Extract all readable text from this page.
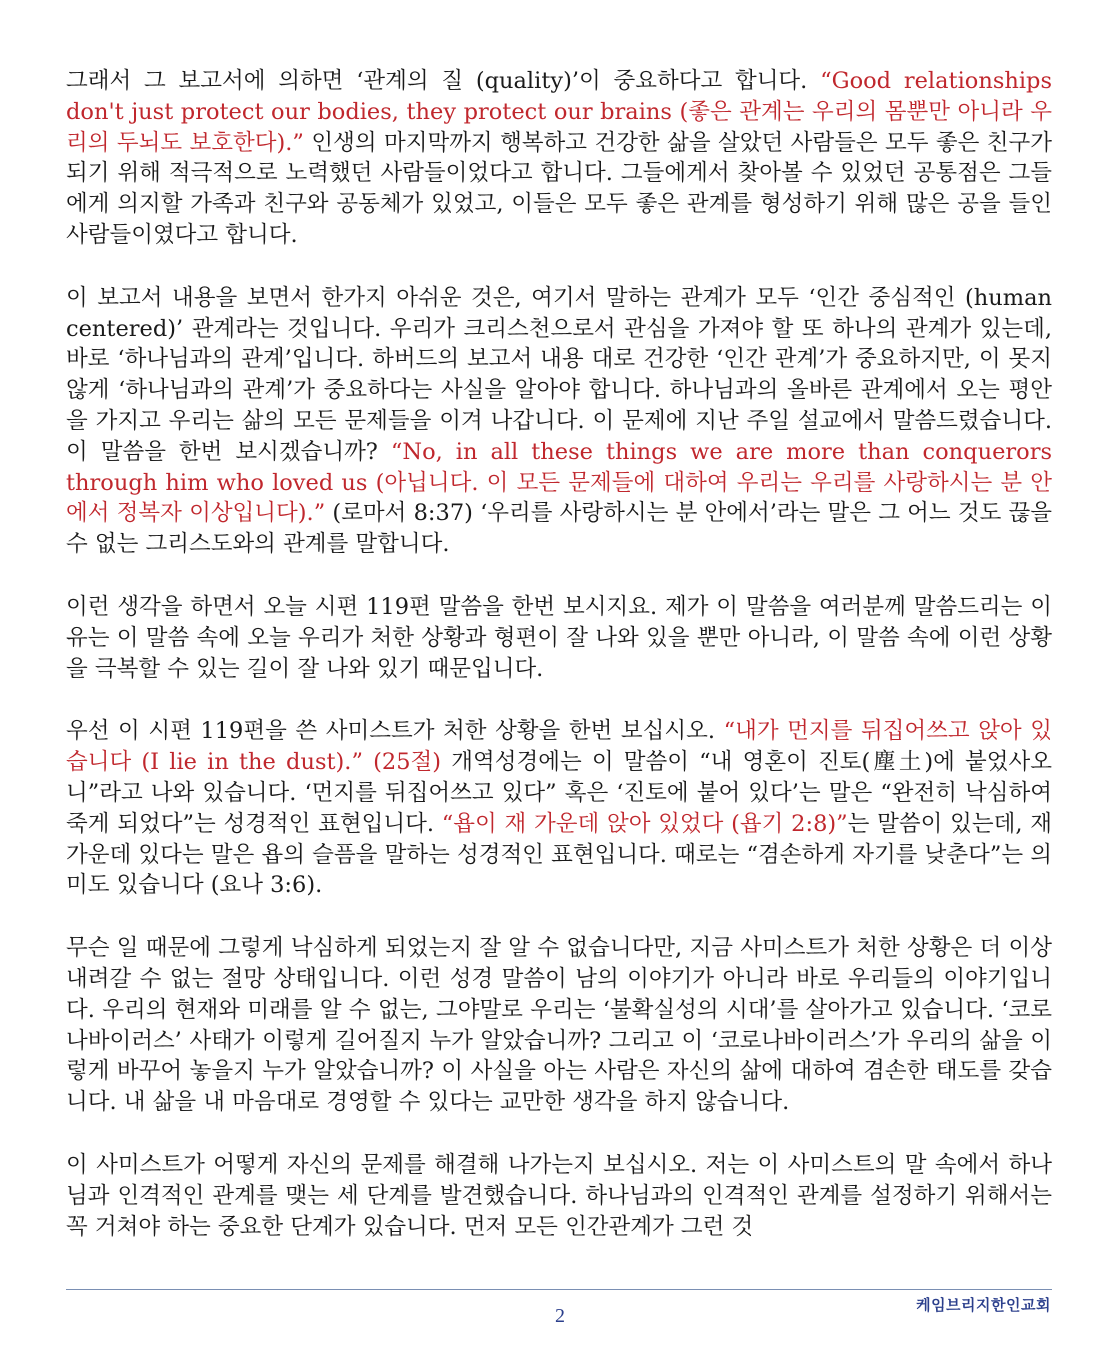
그래서 그 보고서에 의하면 ‘관계의 질 (quality)’이 중요하다고 합니다. “Good relationships don't just protect our bodies, they protect our brains (좋은 관계는 우리의 몸뿐만 아니라 우리의 두뇌도 보호한다).” 인생의 마지막까지 행복하고 건강한 삶을 살았던 사람들은 모두 좋은 친구가 되기 위해 적극적으로 노력했던 사람들이었다고 합니다. 그들에게서 찾아볼 수 있었던 공통점은 그들에게 의지할 가족과 친구와 공동체가 있었고, 이들은 모두 좋은 관계를 형성하기 위해 많은 공을 들인 사람들이였다고 합니다.

이 보고서 내용을 보면서 한가지 아쉬운 것은, 여기서 말하는 관계가 모두 ‘인간 중심적인 (human centered)’ 관계라는 것입니다. 우리가 크리스천으로서 관심을 가져야 할 또 하나의 관계가 있는데, 바로 ‘하나님과의 관계’입니다. 하버드의 보고서 내용 대로 건강한 ‘인간 관계’가 중요하지만, 이 못지않게 ‘하나님과의 관계’가 중요하다는 사실을 알아야 합니다. 하나님과의 올바른 관계에서 오는 평안을 가지고 우리는 삶의 모든 문제들을 이겨 나갑니다. 이 문제에 지난 주일 설교에서 말씀드렸습니다. 이 말씀을 한번 보시겠습니까? “No, in all these things we are more than conquerors through him who loved us (아닙니다. 이 모든 문제들에 대하여 우리는 우리를 사랑하시는 분 안에서 정복자 이상입니다).” (로마서 8:37) ‘우리를 사랑하시는 분 안에서’라는 말은 그 어느 것도 끊을 수 없는 그리스도와의 관계를 말합니다.

이런 생각을 하면서 오늘 시편 119편 말씀을 한번 보시지요. 제가 이 말씀을 여러분께 말씀드리는 이유는 이 말씀 속에 오늘 우리가 처한 상황과 형편이 잘 나와 있을 뿐만 아니라, 이 말씀 속에 이런 상황을 극복할 수 있는 길이 잘 나와 있기 때문입니다.

우선 이 시편 119편을 쓴 사미스트가 처한 상황을 한번 보십시오. “내가 먼지를 뒤집어쓰고 앉아 있습니다 (I lie in the dust).” (25절) 개역성경에는 이 말씀이 “내 영혼이 진토(塵土)에 붙었사오니”라고 나와 있습니다. ‘먼지를 뒤집어쓰고 있다” 혹은 ‘진토에 붙어 있다’는 말은 “완전히 낙심하여 죽게 되었다”는 성경적인 표현입니다. “욥이 재 가운데 앉아 있었다 (욥기 2:8)”는 말씀이 있는데, 재 가운데 있다는 말은 욥의 슬픔을 말하는 성경적인 표현입니다. 때로는 “겸손하게 자기를 낮춘다”는 의미도 있습니다 (요나 3:6).

무슨 일 때문에 그렇게 낙심하게 되었는지 잘 알 수 없습니다만, 지금 사미스트가 처한 상황은 더 이상 내려갈 수 없는 절망 상태입니다. 이런 성경 말씀이 남의 이야기가 아니라 바로 우리들의 이야기입니다. 우리의 현재와 미래를 알 수 없는, 그야말로 우리는 ‘불확실성의 시대’를 살아가고 있습니다. ‘코로나바이러스’ 사태가 이렇게 길어질지 누가 알았습니까? 그리고 이 ‘코로나바이러스’가 우리의 삶을 이렇게 바꾸어 놓을지 누가 알았습니까? 이 사실을 아는 사람은 자신의 삶에 대하여 겸손한 태도를 갖습니다. 내 삶을 내 마음대로 경영할 수 있다는 교만한 생각을 하지 않습니다.

이 사미스트가 어떻게 자신의 문제를 해결해 나가는지 보십시오. 저는 이 사미스트의 말 속에서 하나님과 인격적인 관계를 맺는 세 단계를 발견했습니다. 하나님과의 인격적인 관계를 설정하기 위해서는 꼭 거쳐야 하는 중요한 단계가 있습니다. 먼저 모든 인간관계가 그런 것

케임브리지한인교회
2
